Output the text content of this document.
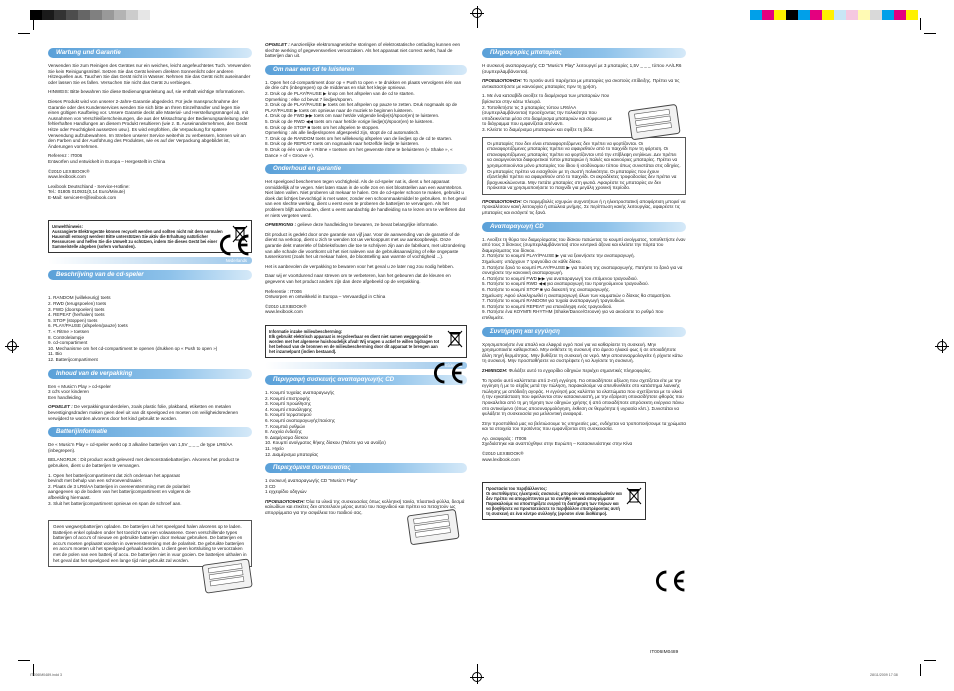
Wartung und Garantie

Verwenden Sie zum Reinigen des Gerätes nur ein weiches, leicht angefeuchtetes Tuch. Verwenden Sie kein Reinigungsmittel. Setzen Sie das Gerät keinem direkten Sonnenlicht oder anderen Hitzequellen aus. Tauchen Sie das Gerät nicht in Wasser. Nehmen Sie das Gerät nicht auseinander oder lassen Sie es fallen. Versuchen Sie nicht das Gerät zu verbiegen.

HINWEIS: Bitte bewahren Sie diese Bedienungsanleitung auf, sie enthält wichtige Informationen.

Dieses Produkt wird von unserer 2-Jahre-Garantie abgedeckt. Für jede Inanspruchnahme der Garantie oder des Kundenservices wenden Sie sich bitte an Ihren Einzelhändler und legen Sie einen gültigen Kaufbeleg vor. Unsere Garantie deckt alle Material- und Herstellungsmängel ab, mit Ausnahmen von Verschleißerscheinungen, die aus der Missachtung der Bedienungsanleitung oder fehlerhaften Handlungen an diesem Produkt resultieren (wie z. B. Auseinandernehmen, den Gerät Hitze oder Feuchtigkeit aussetzen usw.). Es wird empfohlen, die Verpackung für spätere Verwendung aufzubewahren. Im Streben unserer Service weiterhin zu verbessern, können wir an den Farben und der Ausführung des Produktes, wie es auf der Verpackung abgebildet ist, Änderungen vornehmen.

Referenz : IT006

Entworfen und entwickelt in Europa – Hergestellt in China

©2010 LEXIBOOK®

www.lexibook.com

Lexibook Deutschland - Service-Hotline:
Tel.: 01805 010931(0,14 Euro/Minute)

E-Mail: serviceHH@lexibook.com

Umwelthinweis:
Ausrangierte Elektrogeräte können recycelt werden und sollten nicht mit dem normalen Hausmüll entsorgt werden! Bitte unterstützen Sie aktiv die Erhaltung natürlicher Ressourcen und helfen Sie die Umwelt zu schützen, indem Sie dieses Gerät bei einer Sammelstelle abgeben (sofern vorhanden).
Nederlands
Beschrijving van de cd-speler
1. RANDOM (willekeurig) toets
2. RWD (terugspoelen) toets
3. FWD (doorspoelen) toets
4. REPEAT (herhalen) toets
5. STOP (stoppen) toets
6. PLAY/PAUSE (afspelen/pauze) toets
7. « Ritme » toetsen
8. Controlelampje
9. cd-compartiment
10. Mechanisme om het cd-compartiment te openen (drukken op « Push to open »)
11. Bio
12. Batterijcompartiment
Inhoud van de verpakking
Een « Music'n Play » cd-speler
3 cd's voor kinderen
Een handleiding

OPGELET : De verpakkingsonderdelen, zoals plastic folie, plakband, etiketten en metalen bevestigingsdraden maken geen deel uit van dit speelgoed en moeten om veiligheidsredenen verwijderd te worden alvorens door het kind gebruikt te worden.

Batterijinformatie

De « Music'n Play » cd-speler werkt op 3 alkaline batterijen van 1,5V _ _ _ de type LR6/AA (inbegrepen).

BELANGRIJK : Dit product wordt geleverd met demonstratiebatterijen. Alvorens het product te gebruiken, dient u de batterijen te vervangen.

1. Open het batterijcompartiment dat zich onderaan het apparaat bevindt met behulp van een schroevendraaier.
2. Plaats de 3 LR6/AA batterijen in overeenstemming met de polariteit aangegeven op de bodem van het batterijcompartiment en volgens de afbeelding hiernaast.
3. Sluit het batterijcompartiment opnieuw en span de schroef aan.
Geen wegwerpbatterijen opladen. De batterijen uit het speelgoed halen alvorens op te laden. Batterijen enkel opladen onder het toezicht van een volwassene. Geen verschillende types batterijen of accu's of nieuwe en gebruikte batterijen door mekaar gebruiken. De batterijen en accu's moeten geplaatst worden in overeenstemming met de polariteit. De gebruikte batterijen en accu's moeten uit het speelgoed gehaald worden. U dient geen kortsluiting te veroorzaken met de polen van een batterij of accu. De batterijen niet in vuur gooien. De batterijen uithalen in het geval dat het speelgoed een lange tijd niet gebruikt zal worden.

OPGELET : Aanzienlijke elektromagnetische storingen of elektrostatische ontlading kunnen een slechte werking of gegevensverlies veroorzaken. Als het apparaat niet correct werkt, haal de batterijen dan uit.

Om naar een cd te luisteren
1. Open het cd-compartiment door op « Push to open » te drukken en plaats vervolgens één van de drie cd's (inbegrepen) op de middenas en sluit het klepje opnieuw.
2. Druk op de PLAY/PAUSE ▶ knop om het afspelen van de cd te starten.
Opmerking : elke cd bevat 7 liedjes/sporen.
3. Druk op de PLAY/PAUSE ▶ toets om het afspelen op pauze te zetten. Druk nogmaals op de PLAY/PAUSE ▶ toets om opnieuw naar de muziek te beginnen luisteren.
4. Druk op de FWD ▶▶ toets om naar het/de volgende liedje(s)/spoor(en) te luisteren.
5. Druk op de RWD ◀◀ toets om naar het/de vorige liedje(s)/spoor(en) te luisteren.
6. Druk op de STOP ■ toets om het afspelen te stoppen.
Opmerking : als alle liedjes/sporen afgespeeld zijn, stopt de cd automatisch.
7. Druk op de RANDOM toets om het willekeurig afspelen van de liedjes op de cd te starten.
8. Druk op de REPEAT toets om nogmaals naar hetzelfde liedje te luisteren.
9. Druk op één van de « Ritme » toetsen om het gewenste ritme te beluisteren (« Shake », « Dance » of « Groove »).
Onderhoud en garantie

Het speelgoed beschermen tegen vochtigheid. Als de cd-speler nat is, dient u het apparaat onmiddellijk af te vegen. Niet laten staan in de volle zon en niet blootstellen aan een warmtebron. Niet laten vallen. Niet proberen uit mekaar te halen. Om de cd-speler schoon te maken, gebruikt u doek dat lichtjes bevochtigd is met water, zonder een schoonmaakmiddel te gebruiken. In het geval van een slechte werking, dient u eerst even te proberen de batterijen te vervangen. Als het probleem blijft aanhouden, dient u eerst aandachtig de handleiding na te lezen om te verifiëren dat er niets vergeten werd.

OPMERKING : gelieve deze handleiding te bewaren, ze bevat belangrijke informatie.

Dit product is gedekt door onze garantie van vijf jaar. Voor de aanwending van de garantie of de dienst na verkoop, dient u zich te wenden tot uw verkooppunt met uw aankoopbewijs. Onze garantie dekt materiële of fabrieksfouten die toe te schrijven zijn aan de fabrikant, met uitzondering van alle schade die voortkomt uit het niet naleven van de gebruiksaanwijzing of elke ongepaste tussenkomst (zoals het uit mekaar halen, de blootstelling aan warmte of vochtigheid ...).

Het is aanbevolen de verpakking te bewaren voor het geval u ze later nog zou nodig hebben.

Daar wij er voortdurend naar streven om te verbeteren, kan het gebeuren dat de kleuren en gegevens van het product anders zijn dan deze afgebeeld op de verpakking.

Referentie : IT006

Ontworpen en ontwikkeld in Europa – Vervaardigd in China

©2010 LEXIBOOK®

www.lexibook.com

Informatie inzake milieubescherming:
Elk gebruikt elektrisch apparaat is recycleerbaar en dient niet samen weggegooid te worden met het algemene huishoudelijk afval! Wij vragen u actief te willen bijdragen tot het behoud van de bronnen en de milieubescherming door dit apparaat te brengen aan het inzamelpunt (indien bestaand).
Ελληνικά
Περιγραφή συσκευής αναπαραγωγής CD
1. Κουμπί τυχαίας αναπαραγωγής
2. Κουμπί επιστροφής
3. Κουμπί προώθησης
4. Κουμπί επανάληψης
5. Κουμπί τερματισμού
6. Κουμπί αναπαραγωγής/παύσης
7. Κουμπιά ρυθμών
8. Λυχνία ένδειξης
9. Διαμέρισμα δίσκου
10. Κουμπί ανοίγματος θήκης δίσκου (Πιέστε για να ανοίξει)
11. Ηχείο
12. Διαμέρισμα μπαταρίας
Περιεχόμενα συσκευασίας
1 συσκευή αναπαραγωγής CD "Music'n Play"
3 CD
1 εγχειρίδιο οδηγιών

ΠΡΟΕΙΔΟΠΟΙΗΣΗ: Όλα τα υλικά της συσκευασίας όπως κολλητική ταινία, πλαστικά φύλλα, δεσμά καλωδίων και ετικέτες δεν αποτελούν μέρος αυτού του παιχνιδιού και πρέπει να πεταχτούν ως απορρίμματα για την ασφάλεια του παιδιού σας.

Πληροφορίες μπαταρίας

Η συσκευή αναπαραγωγής CD "Music'n Play" λειτουργεί με 3 μπαταρίες 1,5V _ _ _ τύπου AA/LR6 (συμπεριλαμβάνονται).

ΠΡΟΕΙΔΟΠΟΙΗΣΗ: Το προϊόν αυτό παρέχεται με μπαταρίες για σκοπούς επίδειξης. Πρέπει να τις αντικαταστήσετε με καινούριες μπαταρίες πριν τη χρήση.

1. Με ένα κατσαβίδι ανοίξτε το διαμέρισμα των μπαταριών που βρίσκεται στην κάτω πλευρά.
2. Τοποθετήστε τις 3 μπαταρίες τύπου LR6/AA (συμπεριλαμβάνονται) προσέχοντας την πολικότητα που υποδεικνύεται μέσα στο διαμέρισμα μπαταριών και σύμφωνα με το διάγραμμα που εμφανίζεται απέναντι.
3. Κλείστε το διαμέρισμα μπαταριών και σφίξτε τη βίδα.
Οι μπαταρίες που δεν είναι επαναφορτιζόμενες δεν πρέπει να φορτίζονται. Οι επαναφορτιζόμενες μπαταρίες πρέπει να αφαιρεθούν από το παιχνίδι πριν τη φόρτιση. Οι επαναφορτιζόμενες μπαταρίες πρέπει να φορτίζονται υπό την επίβλεψη ενηλίκων. Δεν πρέπει να αναμιγνύονται διαφορετικοί τύποι μπαταριών ή παλιές και καινούριες μπαταρίες. Πρέπει να χρησιμοποιούνται μόνο μπαταρίες του ίδιου ή ισοδύναμου τύπου όπως συνιστάται στις οδηγίες. Οι μπαταρίες πρέπει να εισαχθούν με τη σωστή πολικότητα. Οι μπαταρίες που έχουν εξαντληθεί πρέπει να αφαιρεθούν από το παιχνίδι. Οι ακροδέκτες τροφοδοσίας δεν πρέπει να βραχυκυκλώνονται. Μην πετάτε μπαταρίες στη φωτιά. Αφαιρέστε τις μπαταρίες αν δεν πρόκειται να χρησιμοποιήσετε το παιχνίδι για μεγάλη χρονική περίοδο.

ΠΡΟΕΙΔΟΠΟΙΗΣΗ: Οι παρεμβολές ισχυρών συχνοτήτων ή η ηλεκτροστατική αποφόρτιση μπορεί να προκαλέσουν κακή λειτουργία ή απώλεια μνήμης. Σε περίπτωση κακής λειτουργίας, αφαιρέστε τις μπαταρίες και εισάγετέ τις ξανά.

Αναπαραγωγή CD
1. Ανοίξτε τη θύρα του διαμερίσματος του δίσκου πατώντας το κουμπί ανοίγματος, τοποθετήστε έναν από τους 3 δίσκους (συμπεριλαμβάνονται) στον κεντρικό άξονα και κλείστε την πόρτα του διαμερίσματος του δίσκου.
2. Πατήστε το κουμπί PLAY/PAUSE ▶ για να ξεκινήσετε την αναπαραγωγή.
Σημείωση: υπάρχουν 7 τραγούδια σε κάθε δίσκο.
3. Πατήστε ξανά το κουμπί PLAY/PAUSE ▶ για παύση της αναπαραγωγής. Πατήστε το ξανά για να συνεχίσετε την κανονική αναπαραγωγή.
4. Πατήστε το κουμπί FWD ▶▶ για αναπαραγωγή του επόμενου τραγουδιού.
5. Πατήστε το κουμπί RWD ◀◀ για αναπαραγωγή του προηγούμενου τραγουδιού.
6. Πατήστε το κουμπί STOP ■ για διακοπή της αναπαραγωγής.
Σημείωση: Αφού ολοκληρωθεί η αναπαραγωγή όλων των κομματιών ο δίσκος θα σταματήσει.
7. Πατήστε το κουμπί RANDOM για τυχαία αναπαραγωγή τραγουδιών.
8. Πατήστε το κουμπί REPEAT για επανάληψη ενός τραγουδιού.
9. Πατήστε ένα ΚΟΥΜΠΙ RHYTHM (Shake/Dance/Groove) για να ακούσετε το ρυθμό που επιθυμείτε.
Συντήρηση και εγγύηση

Χρησιμοποιήστε ένα απαλό και ελαφρά υγρό πανί για να καθαρίσετε τη συσκευή. Μην χρησιμοποιείτε καθαριστικό. Μην εκθέτετε τη συσκευή στο άμεσο ηλιακό φως ή σε οποιαδήποτε άλλη πηγή θερμότητας. Μην βυθίζετε τη συσκευή σε νερό. Μην αποσυναρμολογείτε ή ρίχνετε κάτω τη συσκευή. Μην προσπαθήσετε να συστρέψετε ή να λυγίσετε τη συσκευή.

ΣΗΜΕΙΩΣΗ: Φυλάξτε αυτό το εγχειρίδιο οδηγιών περιέχει σημαντικές πληροφορίες.

Το προϊόν αυτό καλύπτεται από 2-ετή εγγύηση. Για οποιαδήποτε αξίωση που σχετίζεται είτε με την εγγύηση ή με το σέρβις μετά την πώληση, παρακαλούμε να απευθυνθείτε στο κατάστημα λιανικής πώλησης με απόδειξη αγοράς. Η εγγύησή μας καλύπτει τα ελαττώματα που σχετίζονται με το υλικό ή την εγκατάσταση που οφείλονται στον κατασκευαστή, με την εξαίρεση οποιασδήποτε φθοράς που προκαλείται από τη μη τήρηση των οδηγιών χρήσης ή από οποιαδήποτε απρόσεκτη ενέργεια πάνω στο αντικείμενο (όπως αποσυναρμολόγηση, έκθεση σε θερμότητα ή υγρασία κλπ.). Συνιστάται να φυλάξετε τη συσκευασία για μελλοντική αναφορά.

Στην προσπάθειά μας να βελτιώσουμε τις υπηρεσίες μας, ενδέχεται να τροποποιήσουμε τα χρώματα και τα στοιχεία του προϊόντος που εμφανίζονται στη συσκευασία.

Αρ. αναφοράς : IT006

Σχεδιάστηκε και αναπτύχθηκε στην Ευρώπη – Κατασκευάστηκε στην Κίνα

©2010 LEXIBOOK®

www.lexibook.com

Προστασία του περιβάλλοντος:
Οι ανεπιθύμητες ηλεκτρικές συσκευές μπορούν να ανακυκλωθούν και δεν πρέπει να απορρίπτονται με τα συνήθη οικιακά απορρίμματα! Παρακαλούμε να υποστηρίξετε ενεργά τη διατήρηση των πόρων και να βοηθήσετε να προστατεύσετε το περιβάλλον επιστρέφοντας αυτή τη συσκευή σε ένα κέντρο συλλογής (εφόσον είναι διαθέσιμο).
IT006IM0489
IT006IM0489.indd 3	28/11/2009 17:38
